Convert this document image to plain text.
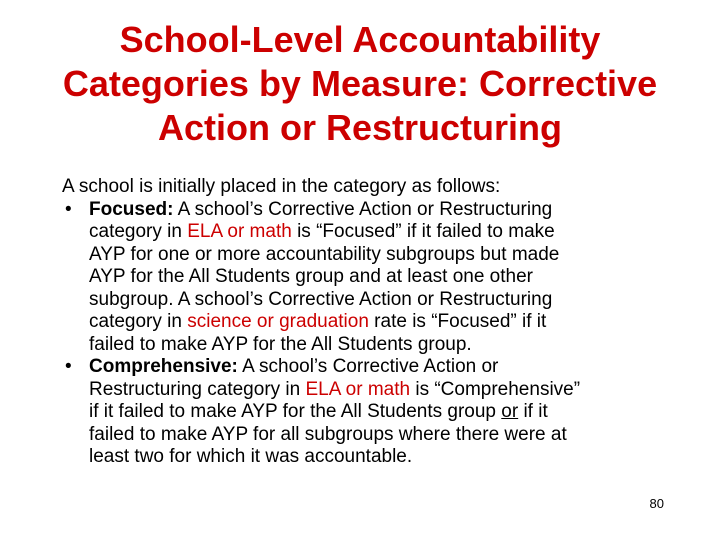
School-Level Accountability
Categories by Measure: Corrective
Action or Restructuring

A school is initially placed in the category as follows:

• Focused: A school’s Corrective Action or Restructuring
category in ELA or math is “Focused” if it failed to make
AYP for one or more accountability subgroups but made
AYP for the All Students group and at least one other
subgroup. A school’s Corrective Action or Restructuring
category in science or graduation rate is “Focused” if it
failed to make AYP for the All Students group.
• Comprehensive: A school’s Corrective Action or
Restructuring category in ELA or math is “Comprehensive”
if it failed to make AYP for the All Students group or if it
failed to make AYP for all subgroups where there were at
least two for which it was accountable.
80
